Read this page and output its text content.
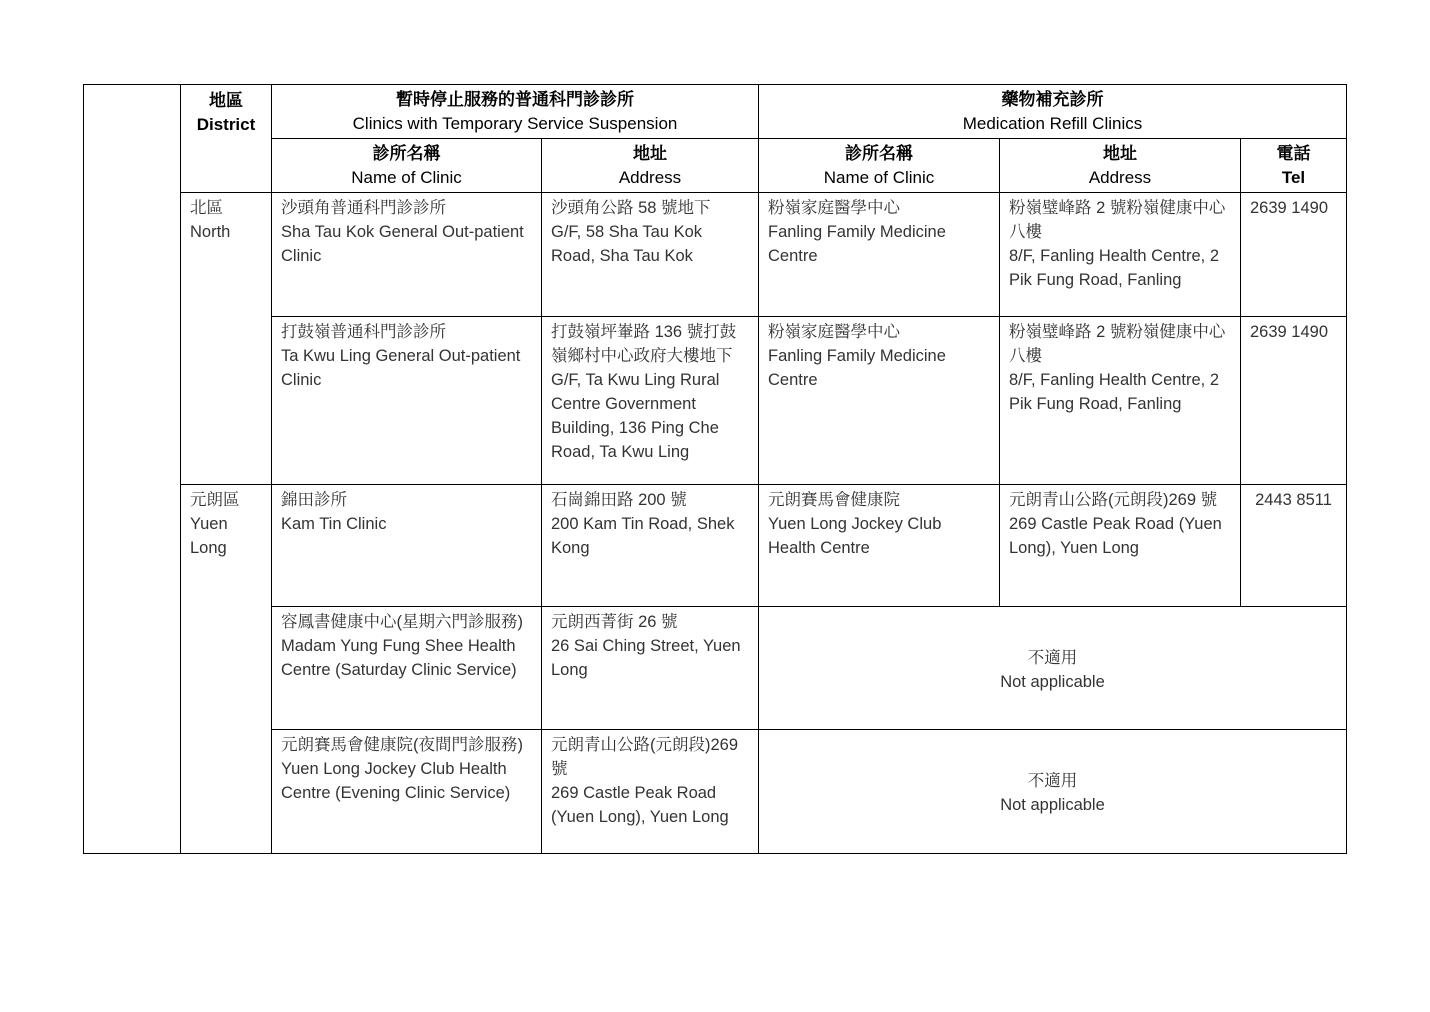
	地區
District	暫時停止服務的普通科門診診所
Clinics with Temporary Service Suspension		藥物補充診所
Medication Refill Clinics		

		診所名稱
Name of Clinic	地址
Address	診所名稱
Name of Clinic	地址
Address	電話
Tel

	北區
North	沙頭角普通科門診診所
Sha Tau Kok General Out-patient Clinic	沙頭角公路 58 號地下
G/F, 58 Sha Tau Kok Road, Sha Tau Kok	粉嶺家庭醫學中心
Fanling Family Medicine Centre	粉嶺璧峰路 2 號粉嶺健康中心八樓
8/F, Fanling Health Centre, 2 Pik Fung Road, Fanling	2639 1490

		打鼓嶺普通科門診診所
Ta Kwu Ling General Out-patient Clinic	打鼓嶺坪輋路 136 號打鼓嶺鄉村中心政府大樓地下
G/F, Ta Kwu Ling Rural Centre Government Building, 136 Ping Che Road, Ta Kwu Ling	粉嶺家庭醫學中心
Fanling Family Medicine Centre	粉嶺璧峰路 2 號粉嶺健康中心八樓
8/F, Fanling Health Centre, 2 Pik Fung Road, Fanling	2639 1490

	元朗區
Yuen Long	錦田診所
Kam Tin Clinic	石崗錦田路 200 號
200 Kam Tin Road, Shek Kong	元朗賽馬會健康院
Yuen Long Jockey Club Health Centre	元朗青山公路(元朗段)269 號
269 Castle Peak Road (Yuen Long), Yuen Long	2443 8511

		容鳳書健康中心(星期六門診服務)
Madam Yung Fung Shee Health Centre (Saturday Clinic Service)	元朗西菁街 26 號
26 Sai Ching Street, Yuen Long	不適用
Not applicable		

		元朗賽馬會健康院(夜間門診服務)
Yuen Long Jockey Club Health Centre (Evening Clinic Service)	元朗青山公路(元朗段)269 號
269 Castle Peak Road (Yuen Long), Yuen Long	不適用
Not applicable		
